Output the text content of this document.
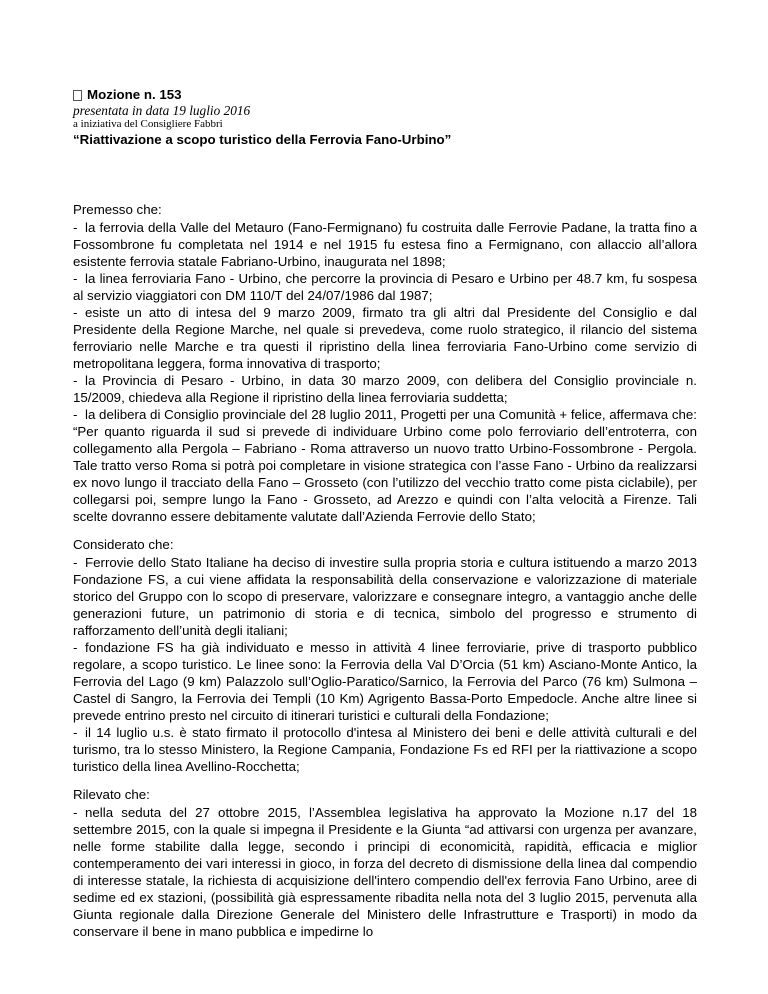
Mozione n. 153
presentata in data 19 luglio 2016
a iniziativa del Consigliere Fabbri
“Riattivazione a scopo turistico della Ferrovia Fano-Urbino”

Premesso che:

- la ferrovia della Valle del Metauro (Fano-Fermignano) fu costruita dalle Ferrovie Padane, la tratta fino a Fossombrone fu completata nel 1914 e nel 1915 fu estesa fino a Fermignano, con allaccio all’allora esistente ferrovia statale Fabriano-Urbino, inaugurata nel 1898;

- la linea ferroviaria Fano - Urbino, che percorre la provincia di Pesaro e Urbino per 48.7 km, fu sospesa al servizio viaggiatori con DM 110/T del 24/07/1986 dal 1987;

- esiste un atto di intesa del 9 marzo 2009, firmato tra gli altri dal Presidente del Consiglio e dal Presidente della Regione Marche, nel quale si prevedeva, come ruolo strategico, il rilancio del sistema ferroviario nelle Marche e tra questi il ripristino della linea ferroviaria Fano-Urbino come servizio di metropolitana leggera, forma innovativa di trasporto;

- la Provincia di Pesaro - Urbino, in data 30 marzo 2009, con delibera del Consiglio provinciale n. 15/2009, chiedeva alla Regione il ripristino della linea ferroviaria suddetta;

- la delibera di Consiglio provinciale del 28 luglio 2011, Progetti per una Comunità + felice, affermava che: “Per quanto riguarda il sud si prevede di individuare Urbino come polo ferroviario dell’entroterra, con collegamento alla Pergola – Fabriano - Roma attraverso un nuovo tratto Urbino-Fossombrone - Pergola. Tale tratto verso Roma si potrà poi completare in visione strategica con l’asse Fano - Urbino da realizzarsi ex novo lungo il tracciato della Fano – Grosseto (con l’utilizzo del vecchio tratto come pista ciclabile), per collegarsi poi, sempre lungo la Fano - Grosseto, ad Arezzo e quindi con l’alta velocità a Firenze. Tali scelte dovranno essere debitamente valutate dall’Azienda Ferrovie dello Stato;

Considerato che:

- Ferrovie dello Stato Italiane ha deciso di investire sulla propria storia e cultura istituendo a marzo 2013 Fondazione FS, a cui viene affidata la responsabilità della conservazione e valorizzazione di materiale storico del Gruppo con lo scopo di preservare, valorizzare e consegnare integro, a vantaggio anche delle generazioni future, un patrimonio di storia e di tecnica, simbolo del progresso e strumento di rafforzamento dell’unità degli italiani;

- fondazione FS ha già individuato e messo in attività 4 linee ferroviarie, prive di trasporto pubblico regolare, a scopo turistico. Le linee sono: la Ferrovia della Val D’Orcia (51 km) Asciano-Monte Antico, la Ferrovia del Lago (9 km) Palazzolo sull’Oglio-Paratico/Sarnico, la Ferrovia del Parco (76 km) Sulmona –Castel di Sangro, la Ferrovia dei Templi (10 Km) Agrigento Bassa-Porto Empedocle. Anche altre linee si prevede entrino presto nel circuito di itinerari turistici e culturali della Fondazione;

- il 14 luglio u.s. è stato firmato il protocollo d'intesa al Ministero dei beni e delle attività culturali e del turismo, tra lo stesso Ministero, la Regione Campania, Fondazione Fs ed RFI per la riattivazione a scopo turistico della linea Avellino-Rocchetta;

Rilevato che:

- nella seduta del 27 ottobre 2015, l’Assemblea legislativa ha approvato la Mozione n.17 del 18 settembre 2015, con la quale si impegna il Presidente e la Giunta “ad attivarsi con urgenza per avanzare, nelle forme stabilite dalla legge, secondo i principi di economicità, rapidità, efficacia e miglior contemperamento dei vari interessi in gioco, in forza del decreto di dismissione della linea dal compendio di interesse statale, la richiesta di acquisizione dell'intero compendio dell'ex ferrovia Fano Urbino, aree di sedime ed ex stazioni, (possibilità già espressamente ribadita nella nota del 3 luglio 2015, pervenuta alla Giunta regionale dalla Direzione Generale del Ministero delle Infrastrutture e Trasporti) in modo da conservare il bene in mano pubblica e impedirne lo
